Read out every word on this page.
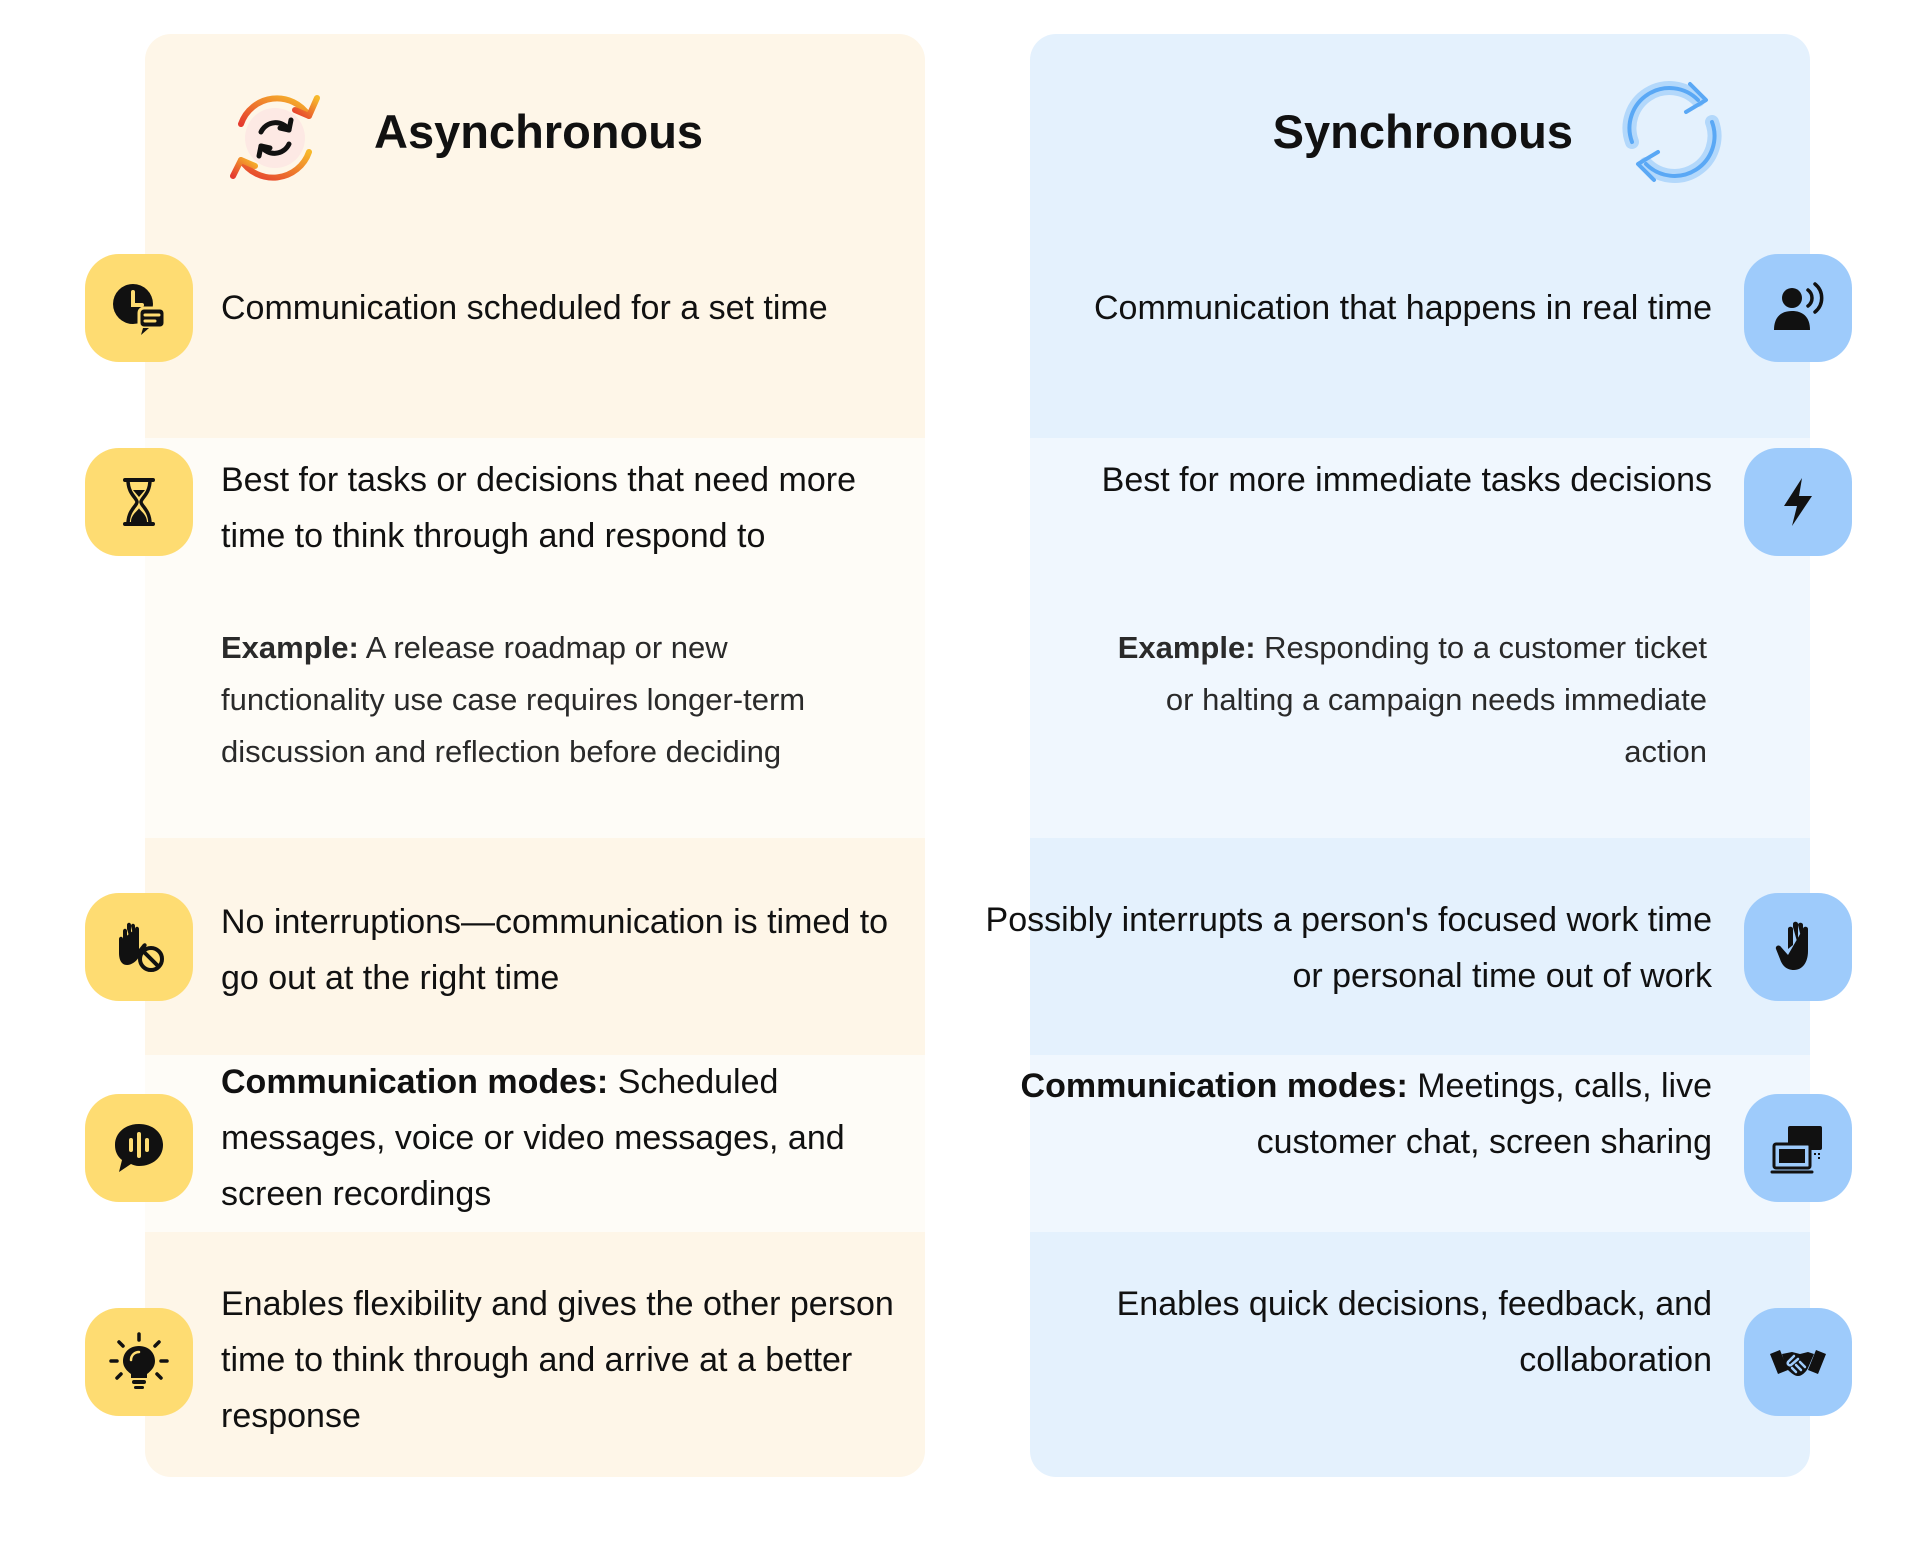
Asynchronous	Synchronous
Communication scheduled for a set time	Communication that happens in real time
Best for tasks or decisions that need more time to think through and respond to
Example: A release roadmap or new functionality use case requires longer-term discussion and reflection before deciding
Best for more immediate tasks decisions
Example: Responding to a customer ticket or halting a campaign needs immediate action
No interruptions—communication is timed to go out at the right time
Possibly interrupts a person's focused work time or personal time out of work
Communication modes: Scheduled messages, voice or video messages, and screen recordings
Communication modes: Meetings, calls, live customer chat, screen sharing
Enables flexibility and gives the other person time to think through and arrive at a better response
Enables quick decisions, feedback, and collaboration
